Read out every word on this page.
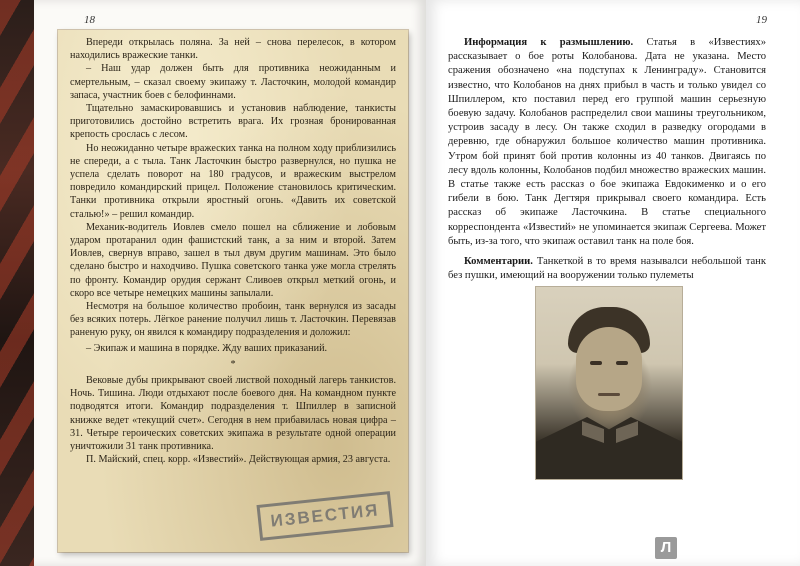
18	19

Впереди открылась поляна. За ней – снова перелесок, в котором находились вражеские танки.

– Наш удар должен быть для противника неожиданным и смертельным, – сказал своему экипажу т. Ласточкин, молодой командир запаса, участник боев с белофиннами.

Тщательно замаскировавшись и установив наблюдение, танкисты приготовились достойно встретить врага. Их грозная бронированная крепость срослась с лесом.

Но неожиданно четыре вражеских танка на полном ходу приблизились не спереди, а с тыла. Танк Ласточкин быстро развернулся, но пушка не успела сделать поворот на 180 градусов, и вражеским выстрелом повредило командирский прицел. Положение становилось критическим. Танки противника открыли яростный огонь. «Давить их советской сталью!» – решил командир.

Механик-водитель Иовлев смело пошел на сближение и лобовым ударом протаранил один фашистский танк, а за ним и второй. Затем Иовлев, свернув вправо, зашел в тыл двум другим машинам. Это было сделано быстро и находчиво. Пушка советского танка уже могла стрелять по фронту. Командир орудия сержант Сливоев открыл меткий огонь, и скоро все четыре немецких машины запылали.

Несмотря на большое количество пробоин, танк вернулся из засады без всяких потерь. Лёгкое ранение получил лишь т. Ласточкин. Перевязав раненую руку, он явился к командиру подразделения и доложил:

– Экипаж и машина в порядке. Жду ваших приказаний.

*

Вековые дубы прикрывают своей листвой походный лагерь танкистов. Ночь. Тишина. Люди отдыхают после боевого дня. На командном пункте подводятся итоги. Командир подразделения т. Шпиллер в записной книжке ведет «текущий счет». Сегодня в нем прибавилась новая цифра – 31. Четыре героических советских экипажа в результате одной операции уничтожили 31 танк противника.

П. Майский, спец. корр. «Известий». Действующая армия, 23 августа.

ИЗВЕСТИЯ

Информация к размышлению. Статья в «Известиях» рассказывает о бое роты Колобанова. Дата не указана. Место сражения обозначено «на подступах к Ленинграду». Становится известно, что Колобанов на днях прибыл в часть и только увидел со Шпиллером, кто поставил перед его группой машин серьезную боевую задачу. Колобанов распределил свои машины треугольником, устроив засаду в лесу. Он также сходил в разведку огородами в деревню, где обнаружил большое количество машин противника. Утром бой принят бой против колонны из 40 танков. Двигаясь по лесу вдоль колонны, Колобанов подбил множество вражеских машин. В статье также есть рассказ о бое экипажа Евдокименко и о его гибели в бою. Танк Дегтяря прикрывал своего командира. Есть рассказ об экипаже Ласточкина. В статье специального корреспондента «Известий» не упоминается экипаж Сергеева. Может быть, из-за того, что экипаж оставил танк на поле боя.

Комментарии. Танкеткой в то время называлси небольшой танк без пушки, имеющий на вооружении только пулеметы

Л
